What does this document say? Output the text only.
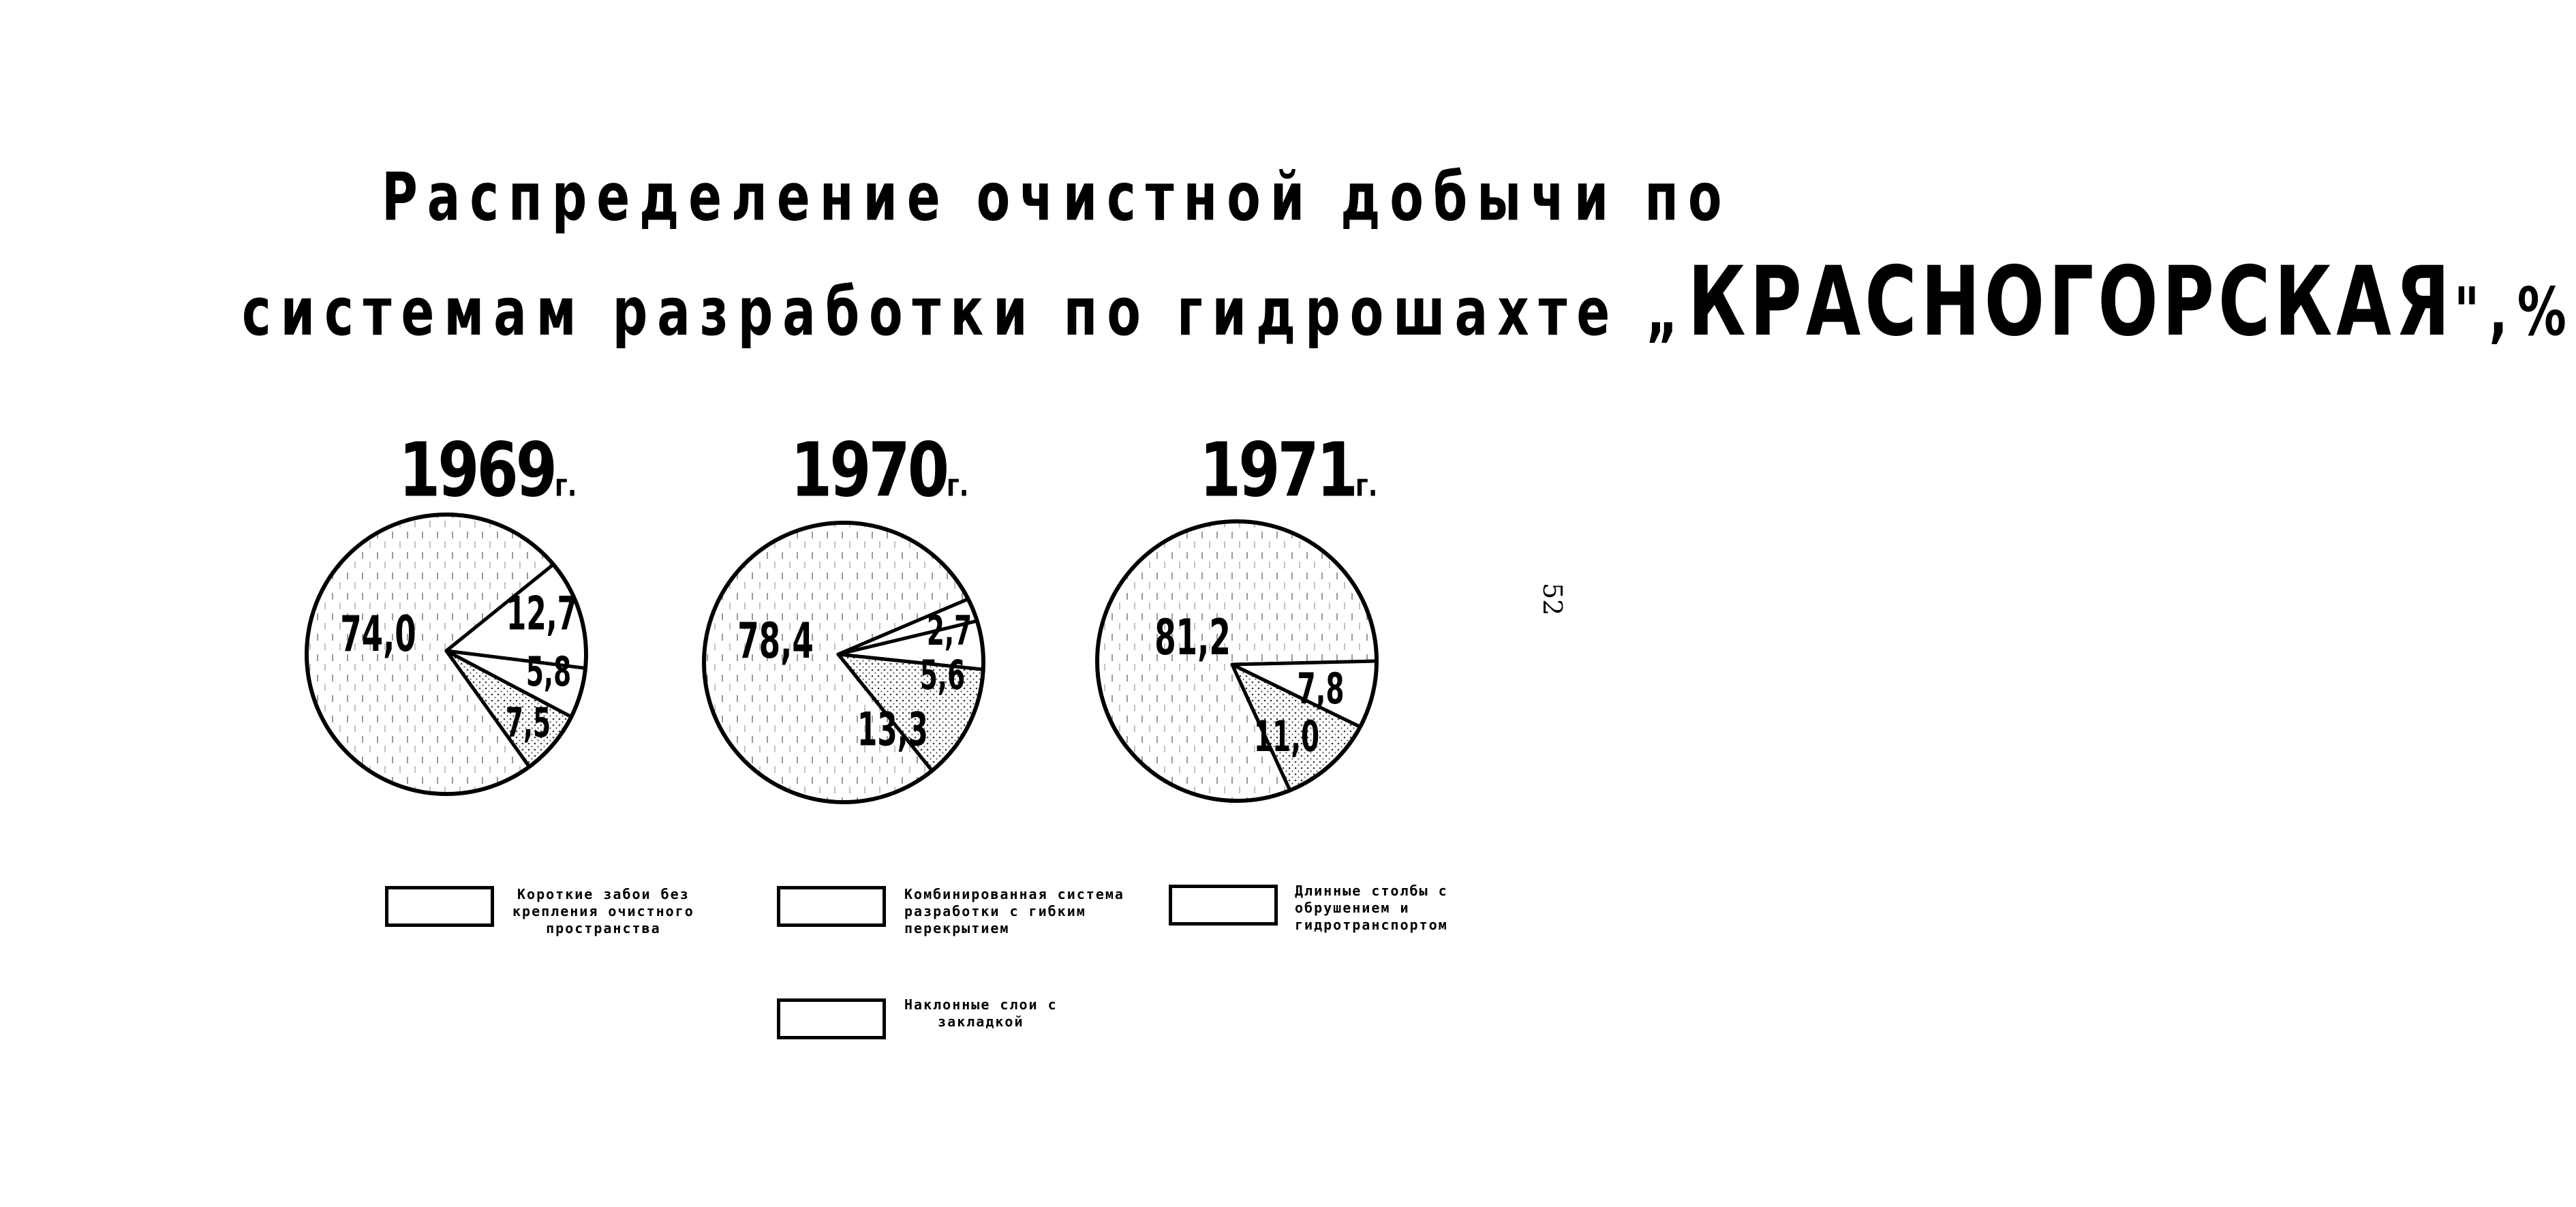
Распределение очистной добычи по
системам разработки по гидрошахте „КРАСНОГОРСКАЯ",%
1969г.	1970г.	1971г.
74,0 12,7
5,8
7,5
78,4	2,7
5,6
13,3
81,2
7,8
11,0
Короткие забои без
крепления очистного
пространства
Комбинированная система
разработки с гибким
перекрытием
Длинные столбы с
обрушением и
гидротранспортом
Наклонные слои с
закладкой
52
